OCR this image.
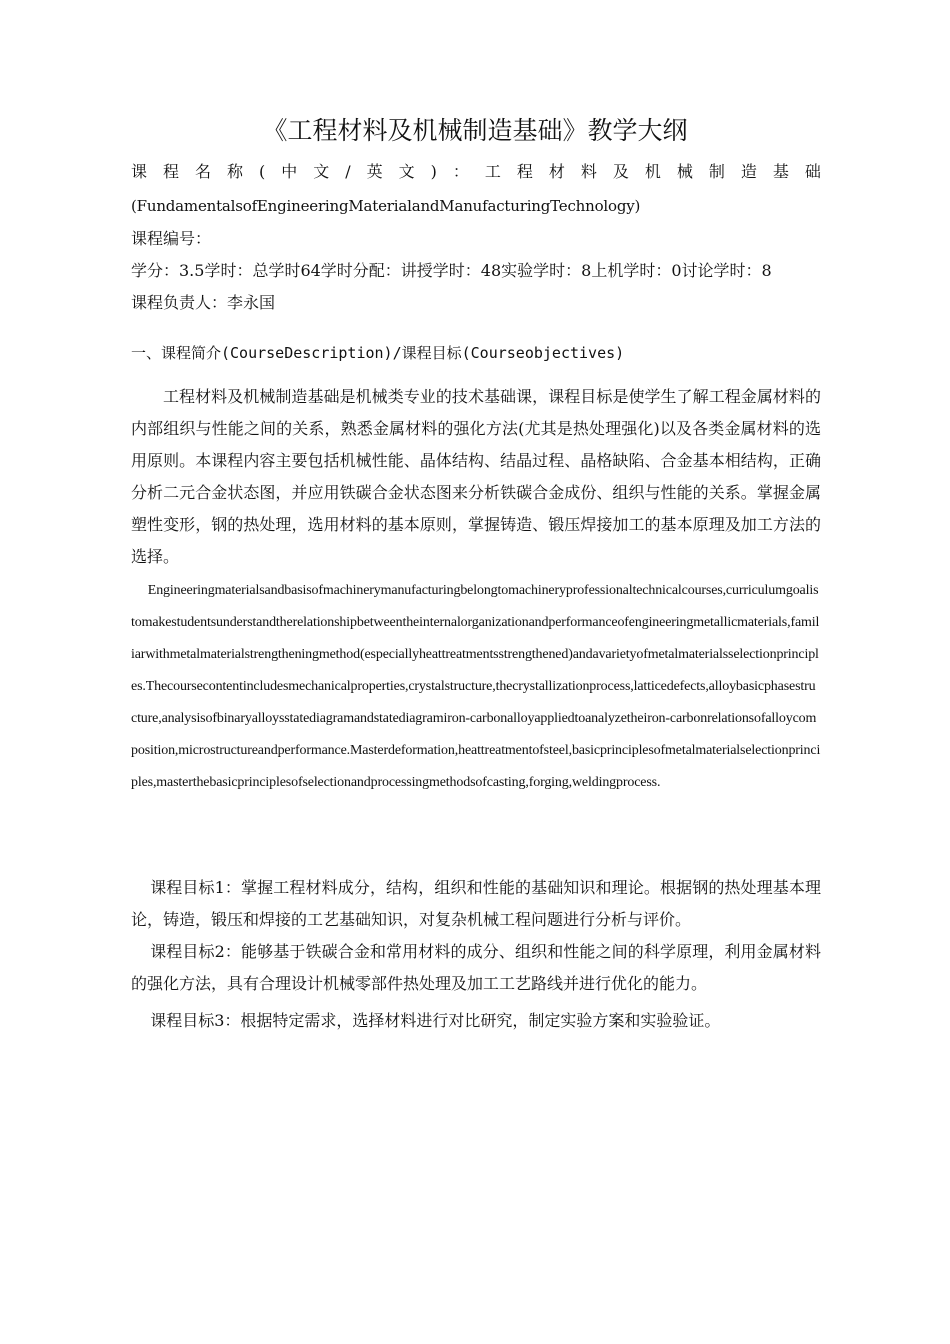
《工程材料及机械制造基础》教学大纲
课 程 名 称 ( 中 文 / 英 文 ) ： 工 程 材 料 及 机 械 制 造 基 础
(FundamentalsofEngineeringMaterialandManufacturingTechnology)
课程编号：
学分：3.5学时：总学时64学时分配：讲授学时：48实验学时：8上机学时：0讨论学时：8
课程负责人：李永国
一、课程简介(CourseDescription)/课程目标(Courseobjectives)
工程材料及机械制造基础是机械类专业的技术基础课，课程目标是使学生了解工程金属材料的内部组织与性能之间的关系，熟悉金属材料的强化方法(尤其是热处理强化)以及各类金属材料的选用原则。本课程内容主要包括机械性能、晶体结构、结晶过程、晶格缺陷、合金基本相结构，正确分析二元合金状态图，并应用铁碳合金状态图来分析铁碳合金成份、组织与性能的关系。掌握金属塑性变形，钢的热处理，选用材料的基本原则，掌握铸造、锻压焊接加工的基本原理及加工方法的选择。
Engineeringmaterialsandbasisofmachinerymanufacturingbelongtomachineryprofessionaltechnicalcourses,curriculumgoalistomakestudentsunderstandtherelationshipbetweentheinternalorganizationandperformanceofengineeringmetallicmaterials,familiarwithmetalmaterialstrengtheningmethod(especiallyheattreatmentsstrengthened)andavarietyofmetalmaterialsselectionprinciples.Thecoursecontentincludesmechanicalproperties,crystalstructure,thecrystallizationprocess,latticedefects,alloybasicphasestructure,analysisofbinaryalloysstatediagramandstatediagramiron-carbonalloyappliedtoanalyzetheiron-carbonrelationsofalloycomposition,microstructureandperformance.Masterdeformation,heattreatmentofsteel,basicprinciplesofmetalmaterialselectionprinciples,masterthebasicprinciplesofselectionandprocessingmethodsofcasting,forging,weldingprocess.
课程目标1：掌握工程材料成分，结构，组织和性能的基础知识和理论。根据钢的热处理基本理论，铸造，锻压和焊接的工艺基础知识，对复杂机械工程问题进行分析与评价。
课程目标2：能够基于铁碳合金和常用材料的成分、组织和性能之间的科学原理，利用金属材料的强化方法，具有合理设计机械零部件热处理及加工工艺路线并进行优化的能力。
课程目标3：根据特定需求，选择材料进行对比研究，制定实验方案和实验验证。
